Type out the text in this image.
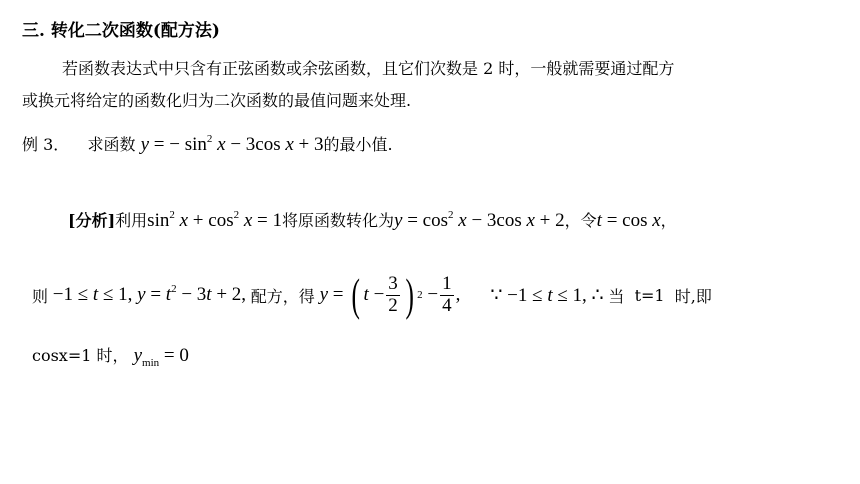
三. 转化二次函数(配方法)
若函数表达式中只含有正弦函数或余弦函数，且它们次数是 2 时，一般就需要通过配方
或换元将给定的函数化归为二次函数的最值问题来处理.
例 3． 求函数 y = − $\sin^2 x - 3\cos$ x + 3的最小值.
[分析]利用$\sin^2 x + \cos^2 x = 1$将原函数转化为$y = \cos^2 x - 3\cos$ x + 2，令t = cos x，
则 −1 ≤ t ≤ 1, $y = t^2 - 3t + 2$, 配方，得
y = ( $t - \frac{3}{2}$ ) $2 - \frac{1}{4}$ , ∵ −1 ≤ t ≤ 1, ∴ 当
t=1
时,即
cosx=1 时， $y_{min} = 0$
